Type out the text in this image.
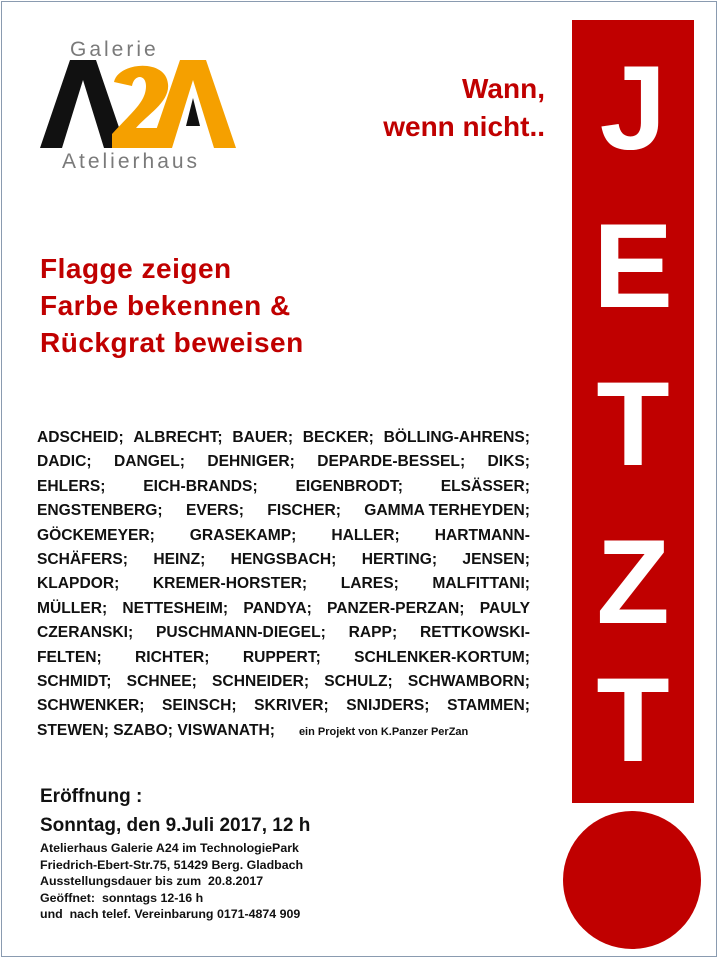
Galerie
Atelierhaus
Wann,
wenn nicht.. J
E
T
Z
T
Flagge zeigen
Farbe bekennen &
Rückgrat beweisen
ADSCHEID; ALBRECHT; BAUER; BECKER; BÖLLING-AHRENS;
DADIC; DANGEL; DEHNIGER; DEPARDE-BESSEL; DIKS;
EHLERS; EICH-BRANDS; EIGENBRODT; ELSÄSSER;
ENGSTENBERG; EVERS; FISCHER; GAMMA TERHEYDEN;
GÖCKEMEYER; GRASEKAMP; HALLER; HARTMANN-
SCHÄFERS; HEINZ; HENGSBACH; HERTING; JENSEN;
KLAPDOR; KREMER-HORSTER; LARES; MALFITTANI;
MÜLLER; NETTESHEIM; PANDYA; PANZER-PERZAN; PAULY
CZERANSKI; PUSCHMANN-DIEGEL; RAPP; RETTKOWSKI-
FELTEN; RICHTER; RUPPERT; SCHLENKER-KORTUM;
SCHMIDT; SCHNEE; SCHNEIDER; SCHULZ; SCHWAMBORN;
SCHWENKER; SEINSCH; SKRIVER; SNIJDERS; STAMMEN;
STEWEN; SZABO; VISWANATH; ein Projekt von K.Panzer PerZan
Eröffnung :
Sonntag, den 9.Juli 2017, 12 h
Atelierhaus Galerie A24 im TechnologiePark
Friedrich-Ebert-Str.75, 51429 Berg. Gladbach
Ausstellungsdauer bis zum  20.8.2017
Geöffnet:  sonntags 12-16 h
und  nach telef. Vereinbarung 0171-4874 909
